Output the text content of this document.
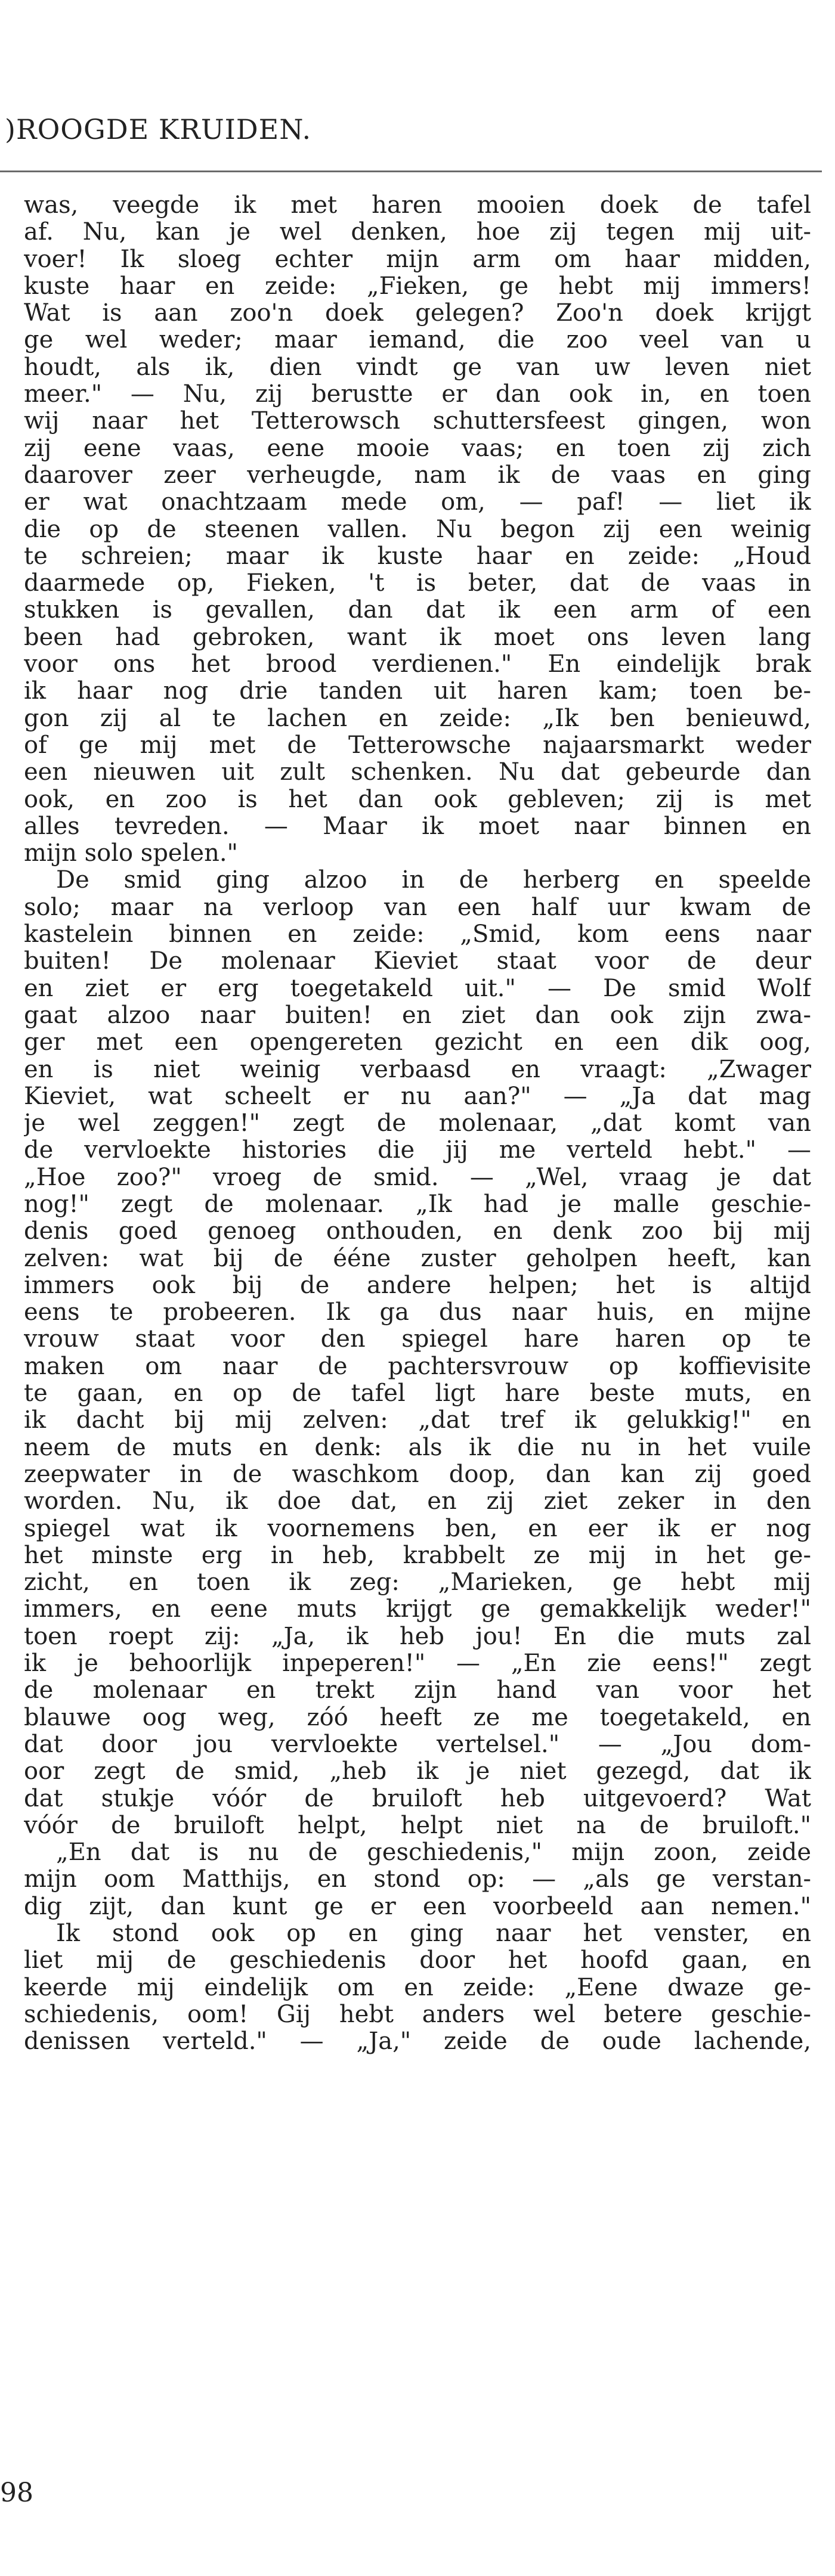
)ROOGDE KRUIDEN.
was, veegde ik met haren mooien doek de tafel
af. Nu, kan je wel denken, hoe zij tegen mij uit-
voer! Ik sloeg echter mijn arm om haar midden,
kuste haar en zeide: „Fieken, ge hebt mij immers!
Wat is aan zoo'n doek gelegen? Zoo'n doek krijgt
ge wel weder; maar iemand, die zoo veel van u
houdt, als ik, dien vindt ge van uw leven niet
meer." — Nu, zij berustte er dan ook in, en toen
wij naar het Tetterowsch schuttersfeest gingen, won
zij eene vaas, eene mooie vaas; en toen zij zich
daarover zeer verheugde, nam ik de vaas en ging
er wat onachtzaam mede om, — paf! — liet ik
die op de steenen vallen. Nu begon zij een weinig
te schreien; maar ik kuste haar en zeide: „Houd
daarmede op, Fieken, 't is beter, dat de vaas in
stukken is gevallen, dan dat ik een arm of een
been had gebroken, want ik moet ons leven lang
voor ons het brood verdienen." En eindelijk brak
ik haar nog drie tanden uit haren kam; toen be-
gon zij al te lachen en zeide: „Ik ben benieuwd,
of ge mij met de Tetterowsche najaarsmarkt weder
een nieuwen uit zult schenken. Nu dat gebeurde dan
ook, en zoo is het dan ook gebleven; zij is met
alles tevreden. — Maar ik moet naar binnen en
mijn solo spelen."
De smid ging alzoo in de herberg en speelde
solo; maar na verloop van een half uur kwam de
kastelein binnen en zeide: „Smid, kom eens naar
buiten! De molenaar Kieviet staat voor de deur
en ziet er erg toegetakeld uit." — De smid Wolf
gaat alzoo naar buiten! en ziet dan ook zijn zwa-
ger met een opengereten gezicht en een dik oog,
en is niet weinig verbaasd en vraagt: „Zwager
Kieviet, wat scheelt er nu aan?" — „Ja dat mag
je wel zeggen!" zegt de molenaar, „dat komt van
de vervloekte histories die jij me verteld hebt." —
„Hoe zoo?" vroeg de smid. — „Wel, vraag je dat
nog!" zegt de molenaar. „Ik had je malle geschie-
denis goed genoeg onthouden, en denk zoo bij mij
zelven: wat bij de ééne zuster geholpen heeft, kan
immers ook bij de andere helpen; het is altijd
eens te probeeren. Ik ga dus naar huis, en mijne
vrouw staat voor den spiegel hare haren op te
maken om naar de pachtersvrouw op koffievisite
te gaan, en op de tafel ligt hare beste muts, en
ik dacht bij mij zelven: „dat tref ik gelukkig!" en
neem de muts en denk: als ik die nu in het vuile
zeepwater in de waschkom doop, dan kan zij goed
worden. Nu, ik doe dat, en zij ziet zeker in den
spiegel wat ik voornemens ben, en eer ik er nog
het minste erg in heb, krabbelt ze mij in het ge-
zicht, en toen ik zeg: „Marieken, ge hebt mij
immers, en eene muts krijgt ge gemakkelijk weder!"
toen roept zij: „Ja, ik heb jou! En die muts zal
ik je behoorlijk inpeperen!" — „En zie eens!" zegt
de molenaar en trekt zijn hand van voor het
blauwe oog weg, zóó heeft ze me toegetakeld, en
dat door jou vervloekte vertelsel." — „Jou dom-
oor zegt de smid, „heb ik je niet gezegd, dat ik
dat stukje vóór de bruiloft heb uitgevoerd? Wat
vóór de bruiloft helpt, helpt niet na de bruiloft."
„En dat is nu de geschiedenis," mijn zoon, zeide
mijn oom Matthijs, en stond op: — „als ge verstan-
dig zijt, dan kunt ge er een voorbeeld aan nemen."
Ik stond ook op en ging naar het venster, en
liet mij de geschiedenis door het hoofd gaan, en
keerde mij eindelijk om en zeide: „Eene dwaze ge-
schiedenis, oom! Gij hebt anders wel betere geschie-
denissen verteld." — „Ja," zeide de oude lachende,
98
